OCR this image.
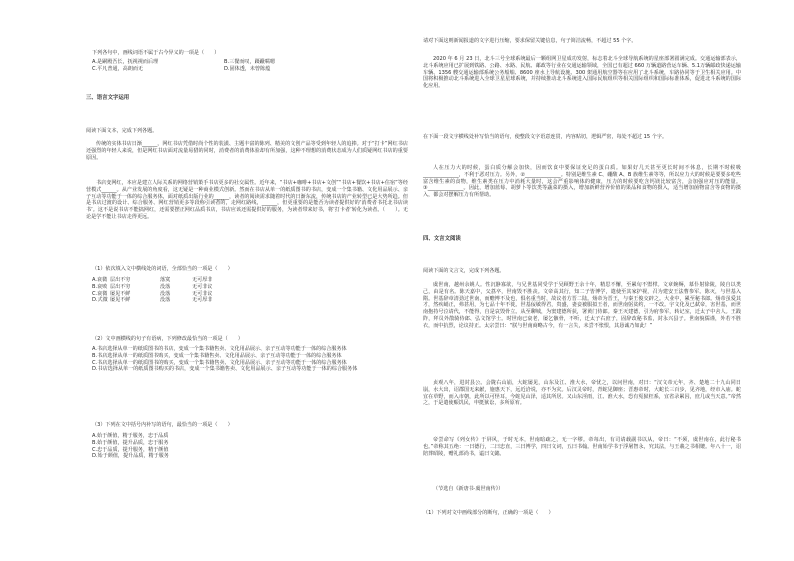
下列各句中，画线词语不属于古今异义的一项是（　　）

A.是嗣殿吾长，抚视视而后理	B.三餐而叹，蹑躐嚅嗯
C.平凡普通，高朗而无	D.固体透，未曾陈蕴

三、语言文字运用

阅读下面文本，完成下列各题。

传统的实体书店日渐______，网红书店凭借时尚个性的装潢、主题丰富的陈列、精美的文创产品等受到年轻人的追捧。对于“打卡”网红书店还强烈的年轻人来说，但是网红书店面对流量易猎的同时，消费者的消费体验却有所加强，这种不理想的消费状态成为人们质疑网红书店的重要原因。

书店变网红，本应是建立人际关系的网络营销策手书店更多的社交属性。近年来，“书店+咖啡+书店+文创”“书店+餐饮+书店+住宿”等经营模式______。从产业发展的角度看，这无疑是一种商业模式创新。然而在书店从单一的纸质图书的书店，变成一个集书籍、文化用品展示、亲子互动等功能于一体的综合服务体，面对纸质出版行业的______，读者的阅读需求随着时代的日渐东流，传统书店的产业转型已是大势所趋。但是书店过渡的设计、综合服务、网红营销更多等段称引读者的，走网红路线，______，但更重要的是能否为读者提供好的‘消费者书托北书店读书’。这不是说书店不能搞网红，还需要摆正网红品质书店，书店应该还需提供好的服务，为读者带来好书，将‘打卡者’转化为读者。（　　）。无论是学不能让书店走得更远。

（1）依次填入文中横线处的词语，全部恰当的一项是（　　）

A.衰微 层出不穷	落寞	无可厚非
B.衰败 层出不穷	没落	无可非议
C.衰微 屡见不鲜	没落	无可非议
D.式微 屡见不鲜	没落	无可厚非

（2）文中画横线的句子有语病，下列修改最恰当的一项是（　　）

A.书店选择从单一的纸质图书的书店，变成一个集书籍售卖、文化用品展示、亲子互动等功能于一体的综合服务体

B.书店选择从单一的纸质图书购买，变成一个集书籍售卖、文化用品展示、亲子互动等功能于一体的综合服务体

C.书店选择从单一的纸质图书的购买，变成一个集书籍售卖、文化用品展示、亲子互动等功能于一体的综合服务体

D.书店选择从单一的纸质图书购买的书店，变成一个集书籍售卖、文化用品展示、亲子互动等功能于一体的综合服务体

（3）下列在文中括号内补写的语句，最恰当的一项是（　　）

A.始于颜值，精于服务，忠于品质

B.始于颜值，提升品质，忠于服务

C.忠于品质，提升服务，精于颜值

D.始于颜值，提升品质，精于服务

请对下面这则新闻报道的文字进行压缩，要求保留关键信息，句子简洁流畅，不超过 55 个字。

2020 年 6 月 23 日，北斗三号全球系统最后一颗组网卫星成功发射，标志着北斗全球导航系统的星座部署圆满完成。交通运输部表示，北斗系统应用已扩展到铁路、公路、水路、民航、邮政等行业在交通运输领域，全国已有超过 660 万辆道路营运车辆、5.1万辆邮政快递运输车辆、1356 艘交通运输部系统公务船舶、8600 座水上导航设施、300 架通用航空器等在应用了北斗系统，车路协同等于卫生相关应用。中国将积极推动北斗系统进入全球卫星星球系统，并持续推动北斗系统进入国际民航组织等相关国际组织和国际标准体系，促进北斗系统的国际化应用。

在下面一段文字横线处补写恰当的语句，使整段文字语意连贯，内容贴切，逻辑严密，每处不超过 15 个字。

人在压力大的时候，蛋白质分解会加快，因而饮食中要保证充足的蛋白质。如果好几天甚至更长时间不休息，长期不时候吸______________，不利于恶对压力。另外，②______________。特别是维生素 C、硼酸 A、B 族维生素等等，所以应力大的时候是要要多吃些富含维生素的食物，维生素类在压力中消耗大量时，这会严重影响体的健康，压力的时候要吃含钙镁比较富含，会加强应对压的能量。③______________。因此，增加蓝莓、胡萝卜等饮类等蔬菜的摄入，增加新鲜营养价值的果品和食物的摄入，适当增加菌物富含等食物的摄入，都会对摆解压力有所帮助。

四、文言文阅读

阅读下面的文言文，完成下列各题。

虞世南，越州余姚人。性沉静寡欲，与兄世基同受学于吴顾野王余十年，精思不懈，至累旬不盥栉。文章婉缛，慕仆射徐陵，陵自以类己，由是有名。陈天嘉中，父荔卒，世南毁不胜丧。文帝高其行，知二子皆博学，遣使至其家护视，召为建安王法曹参军。陈灭，与世基入隋。世基辞章清劲过世南，而赡博不及也，俱名重当时，故议者方晋二陆。炀帝为晋王，与秦王俊交辟之。大业中，累至秘书郎。炀帝虽爱其才，然疾峭正，弗甚用，为七品十年不徙。世基佞敏得君，贵盛，妻妾被服拟王者，而世南躬贫约，一不改。宇文化及已弑帝，害世基，而世南抱持号泣请代，不能得，自是哀毁骨立。从至聊城，为窦建德所获，署黄门侍郎。秦王灭建德，引为府参军，转记室，迁太子中舍人。王践阼，拜员外散骑侍郎、弘文馆学士。时世南已衰老，屡乞骸骨，不听，迁太子右庶子，固辞改秘书监，封永兴县子。世南貌儒谨，外若不胜衣，而中抗烈，论议持正。太宗尝曰：“朕与世南商略古今，有一言失，未尝不怅恨，其恳诚乃如此！”

贞观八年，进封县公。会陇右山崩，大蛇屡见，山东及江、淮大水，帝忧之，以问世南，对曰：“汉文帝元年，齐、楚地二十九山同日崩，水大出，诏郡国无来献，施惠天下，远近洽说，亦不为灾。后汉灵帝时，青蛇见御座；晋惠帝时，大蛇长三百步，见齐地，经市入庙。蛇宜在草野，而入市朝，此所以可怪耳。今蛇见山泽，适其所居。又山东淫雨，江、淮大水，恐有冤狱枉系，宜省录累囚，庶几或当天意。”帝然之，于是遣使赈饥民，申挺狱讼，多所原宥。

帝尝命写《列女传》于屏风，于时无本，世南暗疏之，无一字缪。帝每出，有司请载副书以从，帝曰：“不须，虞世南在，此行秘书也。”帝称其五绝：一曰德行，二曰忠直，三曰博学，四曰文词，五曰书翰。世南始学书于浮屠智永，究其法，与王羲之书相媲。年八十一，诏陪葬昭陵，赠礼部尚书，谥曰文懿。

（节选自《新唐书·虞世南传》）

（1）下列对文中画线部分的断句，正确的一项是（　　）
